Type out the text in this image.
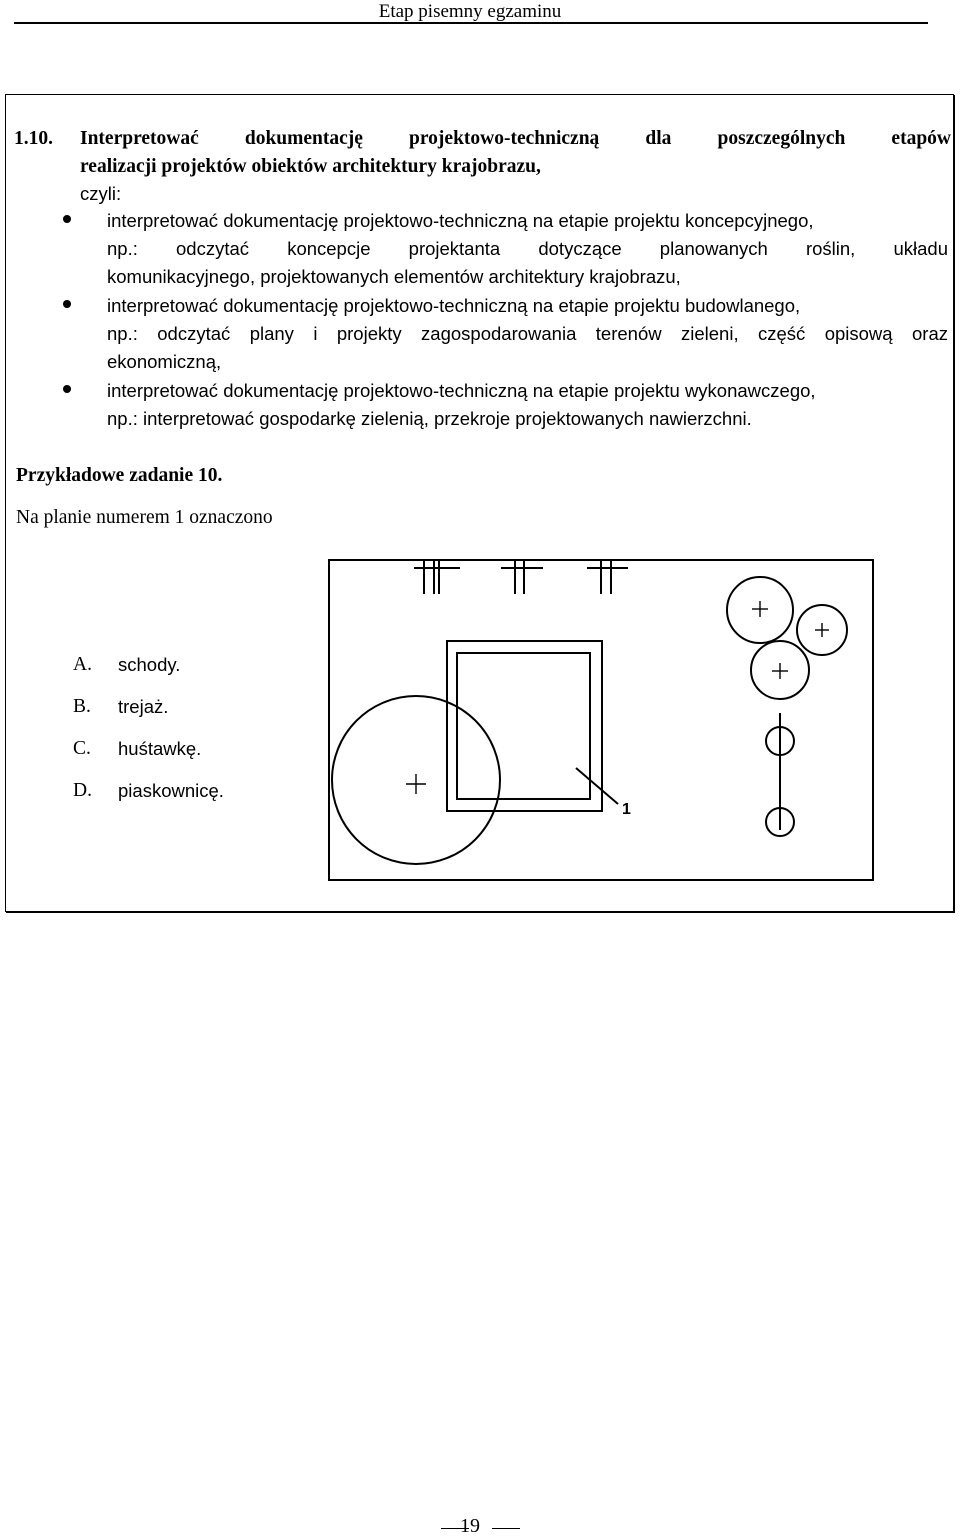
Etap pisemny egzaminu
1.10. Interpretować dokumentację projektowo-techniczną dla poszczególnych etapów
realizacji projektów obiektów architektury krajobrazu,
czyli:
interpretować dokumentację projektowo-techniczną na etapie projektu koncepcyjnego,
np.: odczytać koncepcje projektanta dotyczące planowanych roślin, układu
komunikacyjnego, projektowanych elementów architektury krajobrazu,
interpretować dokumentację projektowo-techniczną na etapie projektu budowlanego,
np.: odczytać plany i projekty zagospodarowania terenów zieleni, część opisową oraz
ekonomiczną,
interpretować dokumentację projektowo-techniczną na etapie projektu wykonawczego,
np.: interpretować gospodarkę zielenią, przekroje projektowanych nawierzchni.
Przykładowe zadanie 10.
Na planie numerem 1 oznaczono
A. schody.
B. trejaż.
C. huśtawkę.
D. piaskownicę.
1
19
